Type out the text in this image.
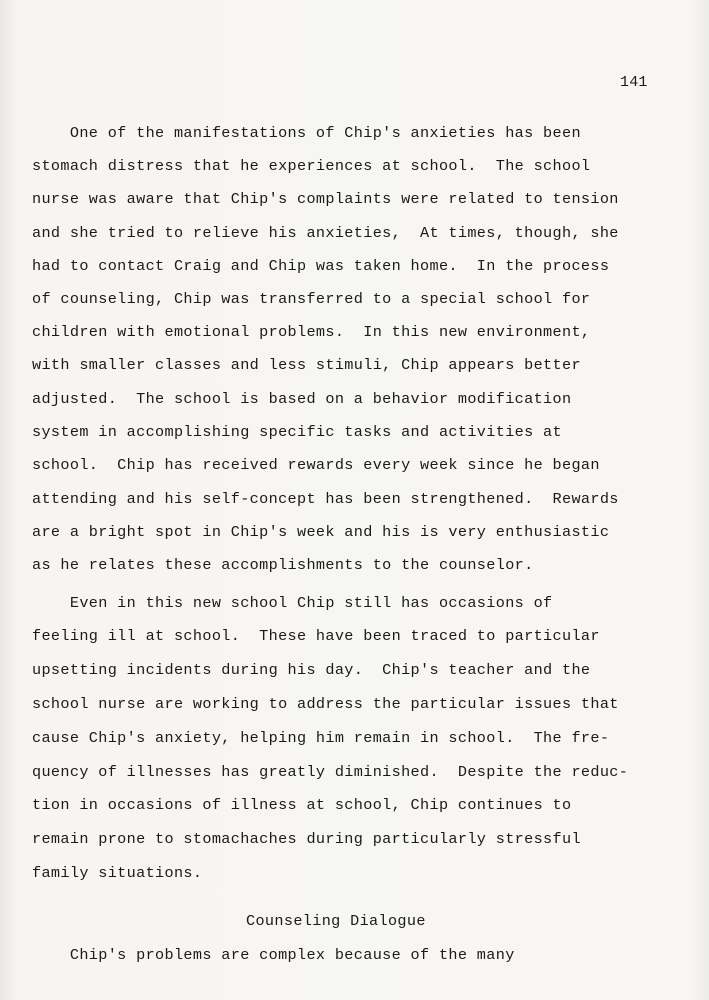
141
One of the manifestations of Chip's anxieties has been
stomach distress that he experiences at school.  The school
nurse was aware that Chip's complaints were related to tension
and she tried to relieve his anxieties,  At times, though, she
had to contact Craig and Chip was taken home.  In the process
of counseling, Chip was transferred to a special school for
children with emotional problems.  In this new environment,
with smaller classes and less stimuli, Chip appears better
adjusted.  The school is based on a behavior modification
system in accomplishing specific tasks and activities at
school.  Chip has received rewards every week since he began
attending and his self-concept has been strengthened.  Rewards
are a bright spot in Chip's week and his is very enthusiastic
as he relates these accomplishments to the counselor.
Even in this new school Chip still has occasions of
feeling ill at school.  These have been traced to particular
upsetting incidents during his day.  Chip's teacher and the
school nurse are working to address the particular issues that
cause Chip's anxiety, helping him remain in school.  The fre-
quency of illnesses has greatly diminished.  Despite the reduc-
tion in occasions of illness at school, Chip continues to
remain prone to stomachaches during particularly stressful
family situations.
Counseling Dialogue
Chip's problems are complex because of the many
